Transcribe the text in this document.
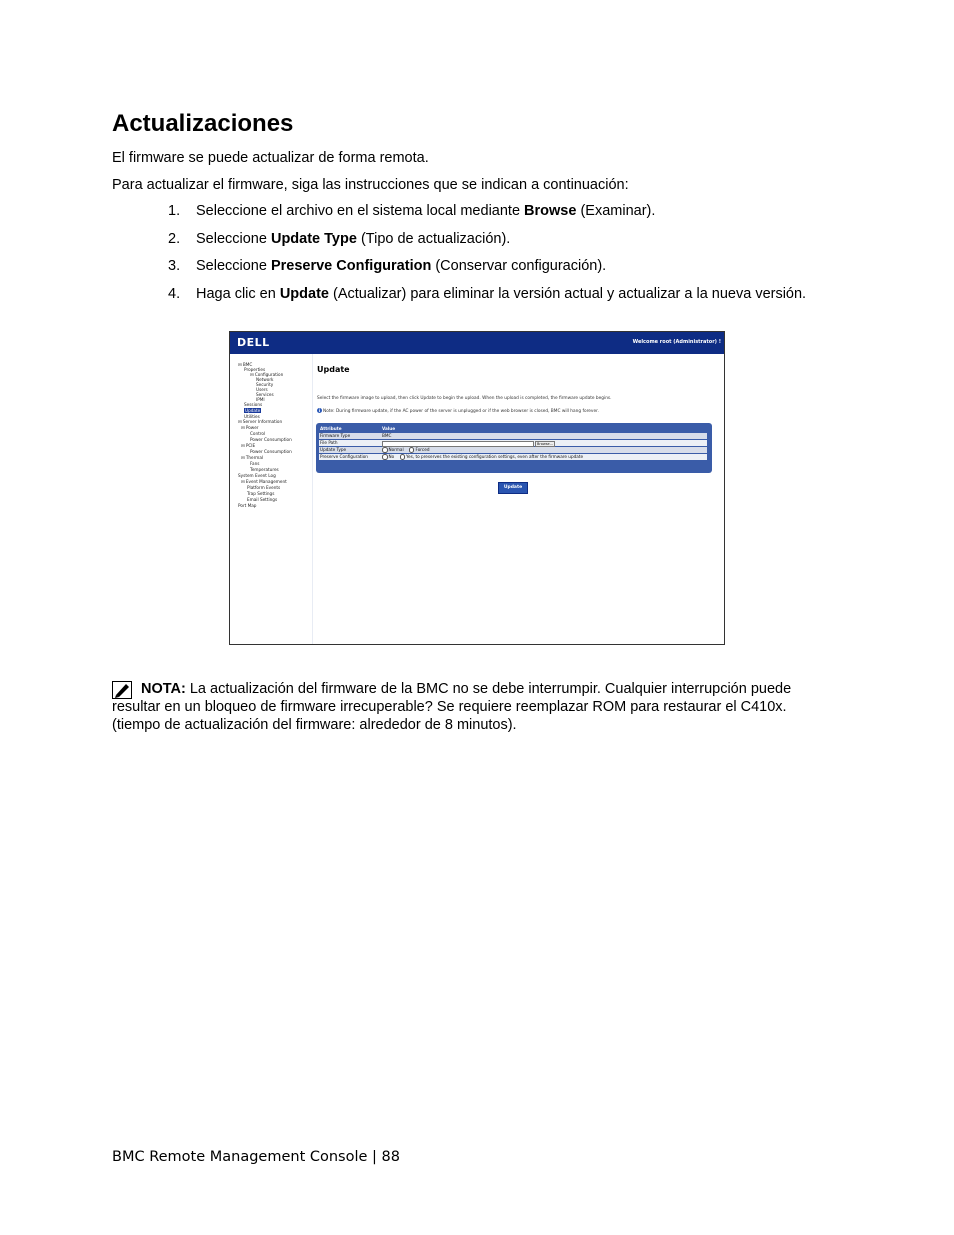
Actualizaciones

El firmware se puede actualizar de forma remota.

Para actualizar el firmware, siga las instrucciones que se indican a continuación:

1.	Seleccione el archivo en el sistema local mediante Browse (Examinar).
2.	Seleccione Update Type (Tipo de actualización).
3.	Seleccione Preserve Configuration (Conservar configuración).
4.	Haga clic en Update (Actualizar) para eliminar la versión actual y actualizar a la nueva versión.
DELL	Welcome root (Administrator) !
⊟ BMC
Properties
⊟ Configuration
Network
Security
Users
Services
IPMI
Sessions
Update
Utilities
⊟ Server Information
⊟ Power
Control
Power Consumption
⊟ PCIE
Power Consumption
⊟ Thermal
Fans
Temperatures
System Event Log
⊟ Event Management
Platform Events
Trap Settings
Email Settings
Port Map
Update
Select the firmware image to upload, then click Update to begin the upload. When the upload is completed, the firmware update begins.
i Note: During firmware update, if the AC power of the server is unplugged or if the web browser is closed, BMC will hang forever.
Attribute	Value
Firmware Type	BMC
File Path	Browse...
Update Type	Normal	Forced
Preserve Configuration	No	Yes, to preserves the existing configuration settings, even after the firmware update
Update

NOTA: La actualización del firmware de la BMC no se debe interrumpir. Cualquier interrupción puede
resultar en un bloqueo de firmware irrecuperable? Se requiere reemplazar ROM para restaurar el C410x.
(tiempo de actualización del firmware: alrededor de 8 minutos).

BMC Remote Management Console | 88
